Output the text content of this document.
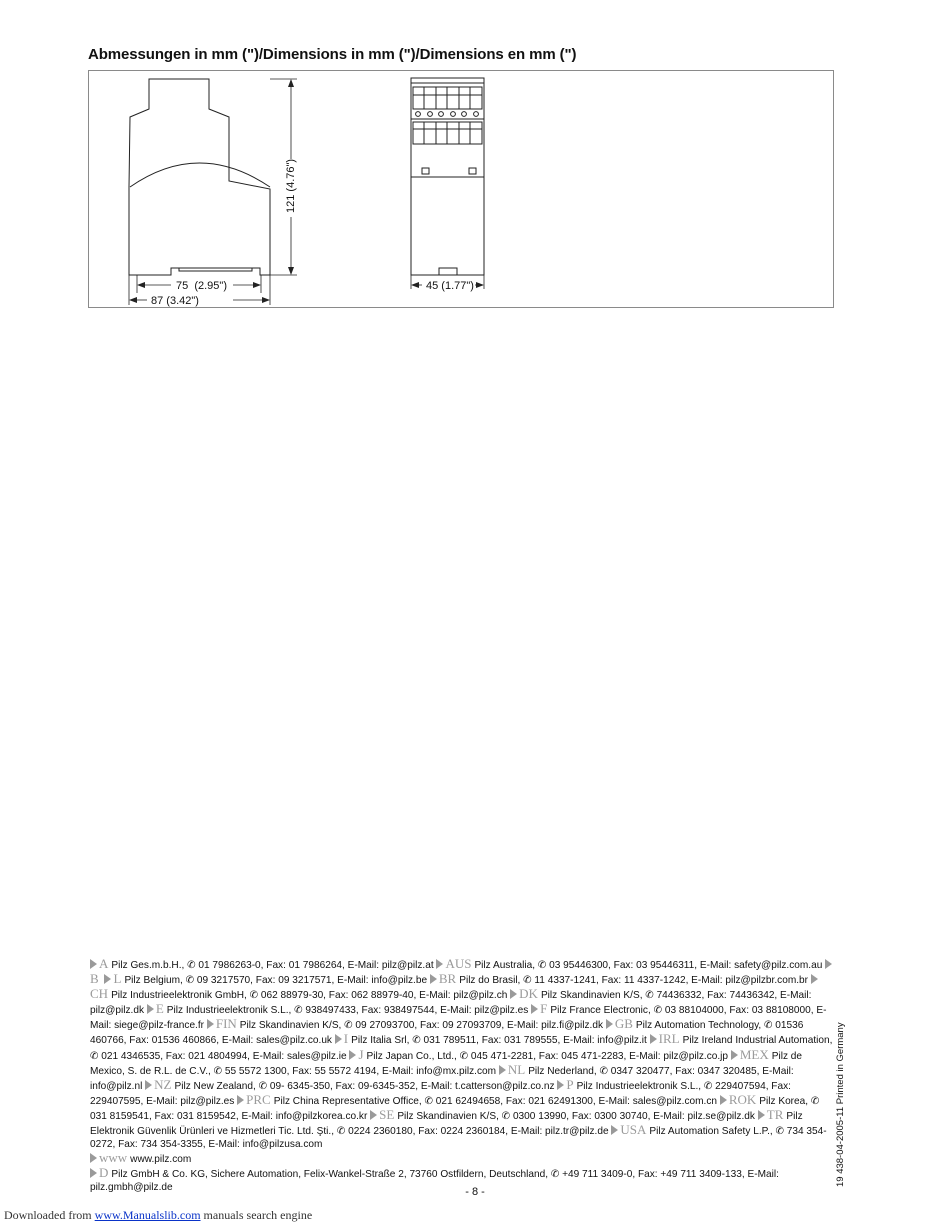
Abmessungen in mm (")/Dimensions in mm (")/Dimensions en mm (")
121 (4.76")
75  (2.95")
87 (3.42")
45 (1.77")

A Pilz Ges.m.b.H., ✆ 01 7986263-0, Fax: 01 7986264, E-Mail: pilz@pilz.at AUS Pilz Australia, ✆ 03 95446300, Fax: 03 95446311, E-Mail: safety@pilz.com.au B L Pilz Belgium, ✆ 09 3217570, Fax: 09 3217571, E-Mail: info@pilz.be BR Pilz do Brasil, ✆ 11 4337-1241, Fax: 11 4337-1242, E-Mail: pilz@pilzbr.com.br CH Pilz Industrieelektronik GmbH, ✆ 062 88979-30, Fax: 062 88979-40, E-Mail: pilz@pilz.ch DK Pilz Skandinavien K/S, ✆ 74436332, Fax: 74436342, E-Mail: pilz@pilz.dk E Pilz Industrieelektronik S.L., ✆ 938497433, Fax: 938497544, E-Mail: pilz@pilz.es F Pilz France Electronic, ✆ 03 88104000, Fax: 03 88108000, E-Mail: siege@pilz-france.fr FIN Pilz Skandinavien K/S, ✆ 09 27093700, Fax: 09 27093709, E-Mail: pilz.fi@pilz.dk GB Pilz Automation Technology, ✆ 01536 460766, Fax: 01536 460866, E-Mail: sales@pilz.co.uk I Pilz Italia Srl, ✆ 031 789511, Fax: 031 789555, E-Mail: info@pilz.it IRL Pilz Ireland Industrial Automation, ✆ 021 4346535, Fax: 021 4804994, E-Mail: sales@pilz.ie J Pilz Japan Co., Ltd., ✆ 045 471-2281, Fax: 045 471-2283, E-Mail: pilz@pilz.co.jp MEX Pilz de Mexico, S. de R.L. de C.V., ✆ 55 5572 1300, Fax: 55 5572 4194, E-Mail: info@mx.pilz.com NL Pilz Nederland, ✆ 0347 320477, Fax: 0347 320485, E-Mail: info@pilz.nl NZ Pilz New Zealand, ✆ 09- 6345-350, Fax: 09-6345-352, E-Mail: t.catterson@pilz.co.nz P Pilz Industrieelektronik S.L., ✆ 229407594, Fax: 229407595, E-Mail: pilz@pilz.es PRC Pilz China Representative Office, ✆ 021 62494658, Fax: 021 62491300, E-Mail: sales@pilz.com.cn ROK Pilz Korea, ✆ 031 8159541, Fax: 031 8159542, E-Mail: info@pilzkorea.co.kr SE Pilz Skandinavien K/S, ✆ 0300 13990, Fax: 0300 30740, E-Mail: pilz.se@pilz.dk TR Pilz Elektronik Güvenlik Ürünleri ve Hizmetleri Tic. Ltd. Şti., ✆ 0224 2360180, Fax: 0224 2360184, E-Mail: pilz.tr@pilz.de USA Pilz Automation Safety L.P., ✆ 734 354-0272, Fax: 734 354-3355, E-Mail: info@pilzusa.com

www www.pilz.com

D Pilz GmbH & Co. KG, Sichere Automation, Felix-Wankel-Straße 2, 73760 Ostfildern, Deutschland, ✆ +49 711 3409-0, Fax: +49 711 3409-133, E-Mail: pilz.gmbh@pilz.de	- 8 -
19 438-04-2005-11 Printed in Germany
Downloaded from www.Manualslib.com manuals search engine
